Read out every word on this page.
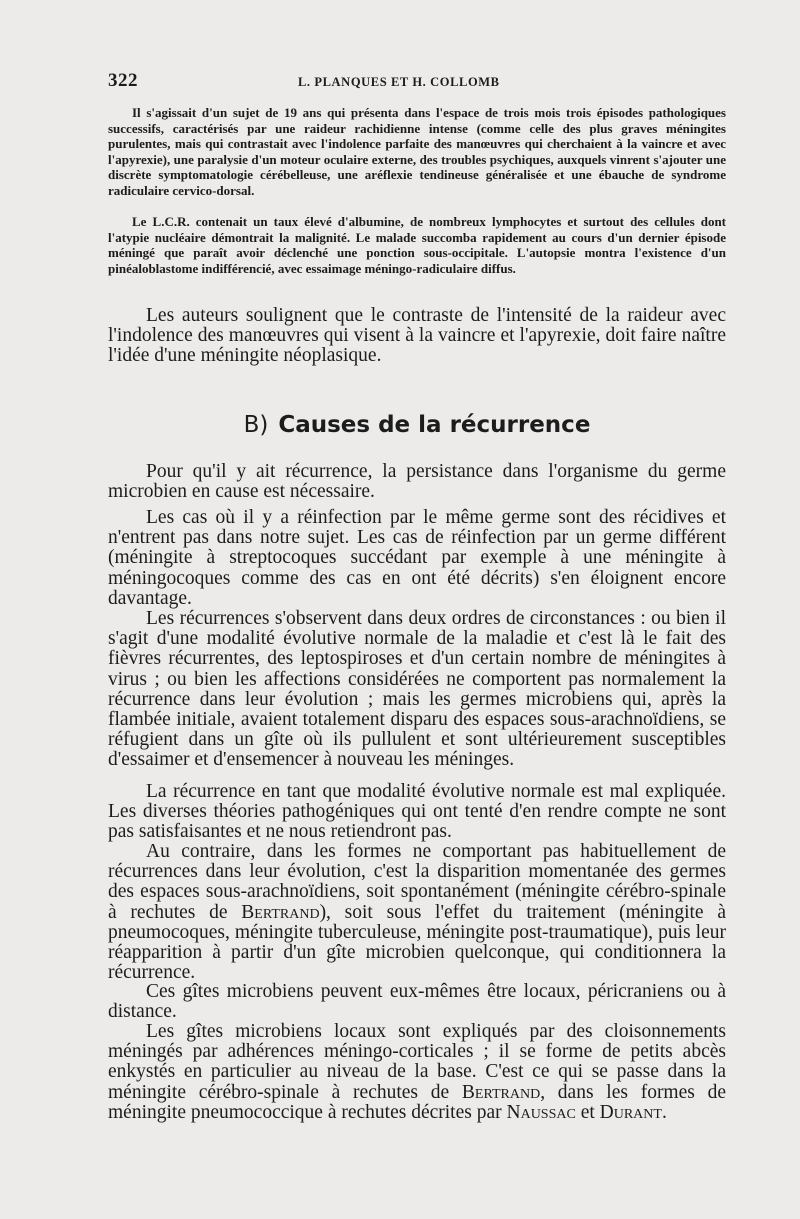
322	L. PLANQUES ET H. COLLOMB

Il s'agissait d'un sujet de 19 ans qui présenta dans l'espace de trois mois trois épisodes pathologiques successifs, caractérisés par une raideur rachidienne intense (comme celle des plus graves méningites purulentes, mais qui contrastait avec l'indolence parfaite des manœuvres qui cherchaient à la vaincre et avec l'apyrexie), une paralysie d'un moteur oculaire externe, des troubles psychiques, auxquels vinrent s'ajouter une discrète symptomatologie cérébelleuse, une aréflexie tendineuse généralisée et une ébauche de syndrome radiculaire cervico-dorsal.

Le L.C.R. contenait un taux élevé d'albumine, de nombreux lymphocytes et surtout des cellules dont l'atypie nucléaire démontrait la malignité. Le malade succomba rapidement au cours d'un dernier épisode méningé que paraît avoir déclenché une ponction sous-occipitale. L'autopsie montra l'existence d'un pinéaloblastome indifférencié, avec essaimage méningo-radiculaire diffus.

Les auteurs soulignent que le contraste de l'intensité de la raideur avec l'indolence des manœuvres qui visent à la vaincre et l'apyrexie, doit faire naître l'idée d'une méningite néoplasique.

B) Causes de la récurrence

Pour qu'il y ait récurrence, la persistance dans l'organisme du germe microbien en cause est nécessaire.

Les cas où il y a réinfection par le même germe sont des récidives et n'entrent pas dans notre sujet. Les cas de réinfection par un germe différent (méningite à streptocoques succédant par exemple à une méningite à méningocoques comme des cas en ont été décrits) s'en éloignent encore davantage.

Les récurrences s'observent dans deux ordres de circonstances : ou bien il s'agit d'une modalité évolutive normale de la maladie et c'est là le fait des fièvres récurrentes, des leptospiroses et d'un certain nombre de méningites à virus ; ou bien les affections considérées ne comportent pas normalement la récurrence dans leur évolution ; mais les germes microbiens qui, après la flambée initiale, avaient totalement disparu des espaces sous-arachnoïdiens, se réfugient dans un gîte où ils pullulent et sont ultérieurement susceptibles d'essaimer et d'ensemencer à nouveau les méninges.

La récurrence en tant que modalité évolutive normale est mal expliquée. Les diverses théories pathogéniques qui ont tenté d'en rendre compte ne sont pas satisfaisantes et ne nous retiendront pas.

Au contraire, dans les formes ne comportant pas habituellement de récurrences dans leur évolution, c'est la disparition momentanée des germes des espaces sous-arachnoïdiens, soit spontanément (méningite cérébro-spinale à rechutes de Bertrand), soit sous l'effet du traitement (méningite à pneumocoques, méningite tuberculeuse, méningite post-traumatique), puis leur réapparition à partir d'un gîte microbien quelconque, qui conditionnera la récurrence.

Ces gîtes microbiens peuvent eux-mêmes être locaux, péricraniens ou à distance.

Les gîtes microbiens locaux sont expliqués par des cloisonnements méningés par adhérences méningo-corticales ; il se forme de petits abcès enkystés en particulier au niveau de la base. C'est ce qui se passe dans la méningite cérébro-spinale à rechutes de Bertrand, dans les formes de méningite pneumococcique à rechutes décrites par Naussac et Durant.
